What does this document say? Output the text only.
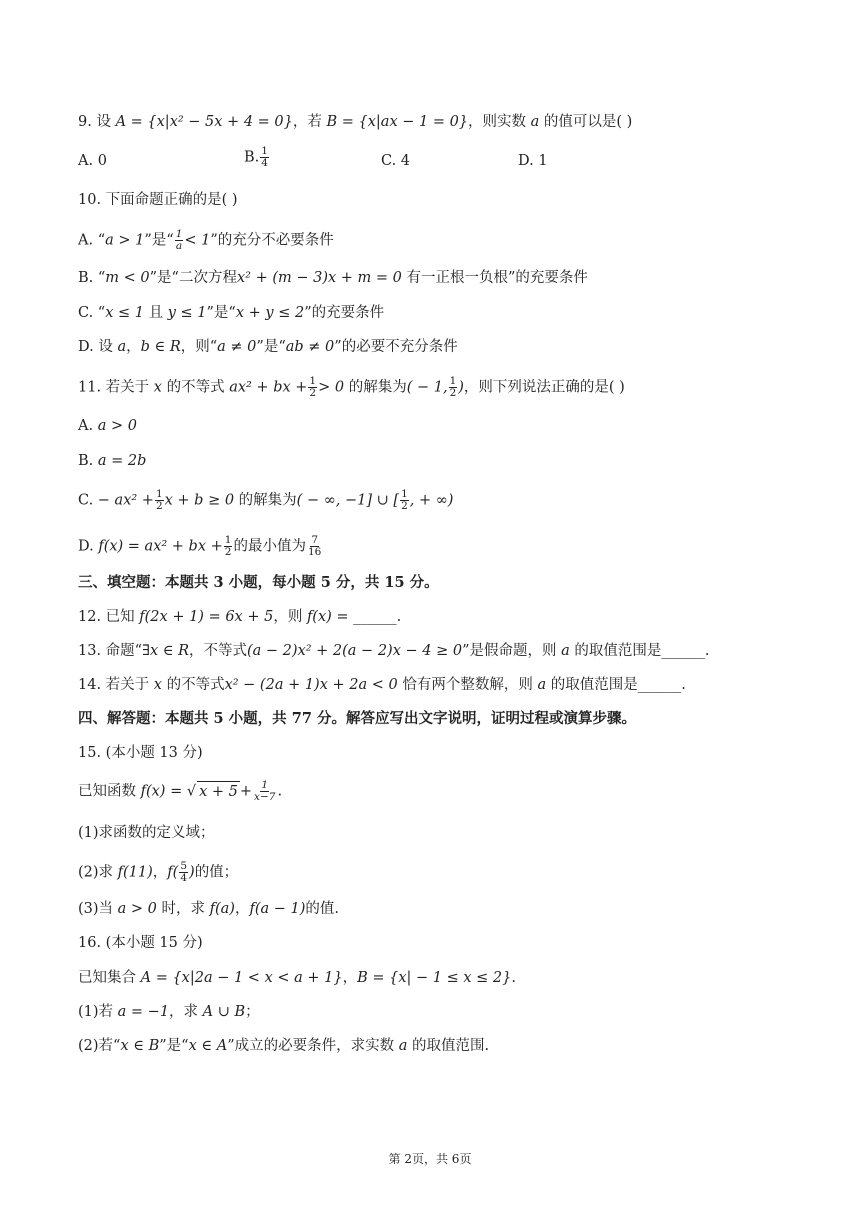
9. 设 A = {x|x² − 5x + 4 = 0}，若 B = {x|ax − 1 = 0}，则实数 a 的值可以是( )
A. 0	B. $\frac{1}{4}$	C. 4	D. 1
10. 下面命题正确的是( )
A. “a > 1”是“ $\frac{1}{a} < 1$”的充分不必要条件
B. “m < 0”是“二次方程x² + (m − 3)x + m = 0 有一正根一负根”的充要条件
C. “x ≤ 1 且 y ≤ 1”是“x + y ≤ 2”的充要条件
D. 设 a，b ∈ R，则“a ≠ 0”是“ab ≠ 0”的必要不充分条件
11. 若关于 x 的不等式 ax² + bx + $\frac{1}{2} > 0$ 的解集为( − 1, $\frac{1}{2}$ )，则下列说法正确的是( )
A. a > 0
B. a = 2b
C. − $ax^2 + \frac{1}{2}$ x + b ≥ 0 的解集为( − ∞, −1] ∪ [ $\frac{1}{2}$ , + ∞)
D. f(x) = ax² + bx + $\frac{1}{2}$ 的最小值为 $\frac{7}{16}$
三、填空题：本题共 3 小题，每小题 5 分，共 15 分。
12. 已知 f(2x + 1) = 6x + 5，则 f(x) = ______.
13. 命题“∃x ∈ R，不等式(a − 2)x² + 2(a − 2)x − 4 ≥ 0”是假命题，则 a 的取值范围是______.
14. 若关于 x 的不等式x² − (2a + 1)x + 2a < 0 恰有两个整数解，则 a 的取值范围是______.
四、解答题：本题共 5 小题，共 77 分。解答应写出文字说明，证明过程或演算步骤。
15. (本小题 13 分)
已知函数 f(x) = √ $x + 5 + \frac{1}{x-7}$ .
(1)求函数的定义域；
(2)求 f(11)，$f( \frac{5}{4}$ )的值；
(3)当 a > 0 时，求 f(a)，f(a − 1)的值.
16. (本小题 15 分)
已知集合 A = {x|2a − 1 < x < a + 1}，B = {x| − 1 ≤ x ≤ 2}.
(1)若 a = −1，求 A ∪ B；
(2)若“x ∈ B”是“x ∈ A”成立的必要条件，求实数 a 的取值范围.
第 2页，共 6页
